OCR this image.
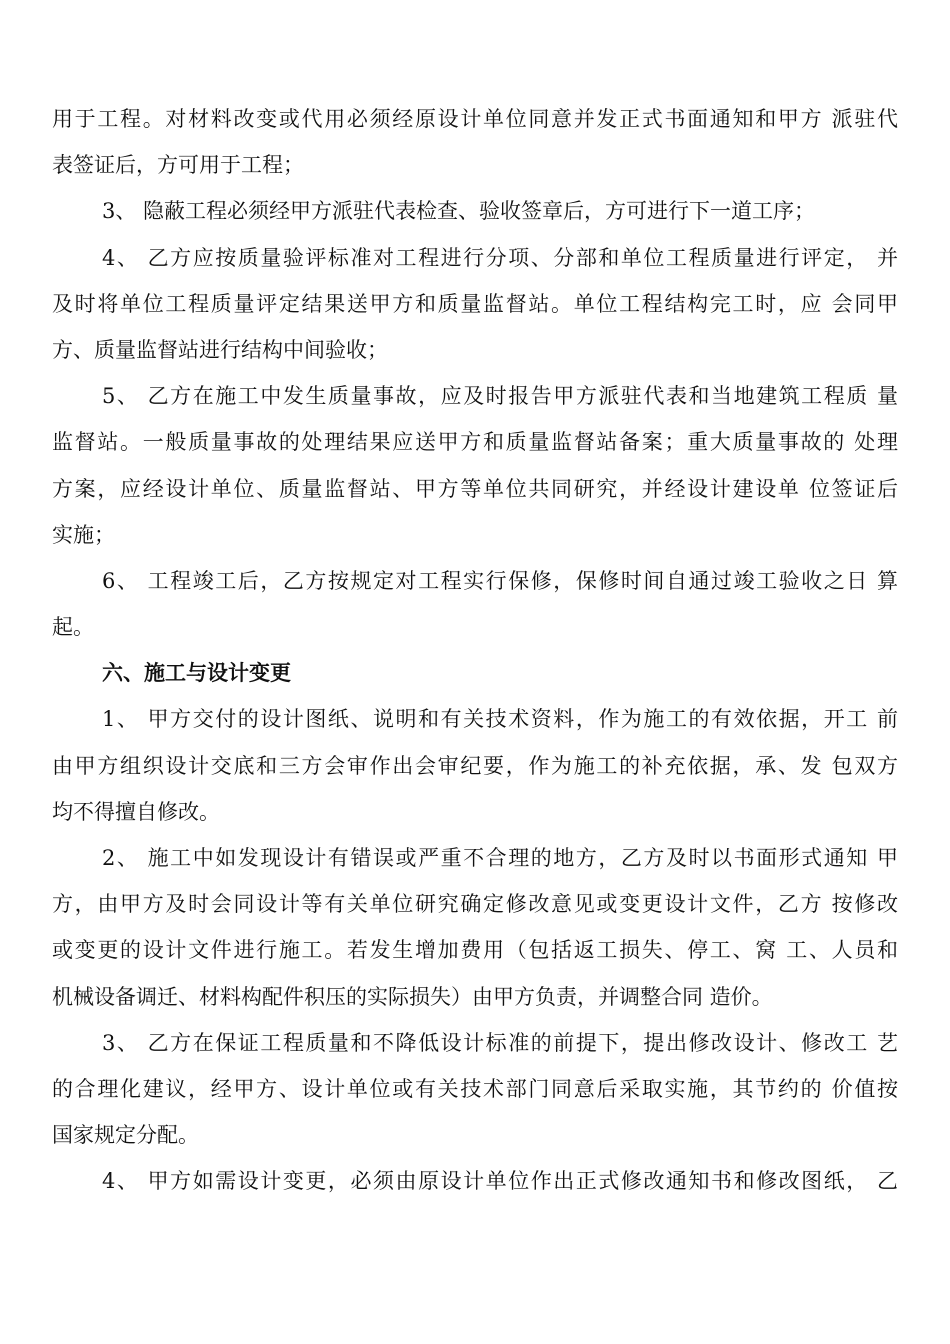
用于工程。对材料改变或代用必须经原设计单位同意并发正式书面通知和甲方 派驻代
表签证后，方可用于工程；
3、 隐蔽工程必须经甲方派驻代表检查、验收签章后，方可进行下一道工序；
4、 乙方应按质量验评标准对工程进行分项、分部和单位工程质量进行评定， 并
及时将单位工程质量评定结果送甲方和质量监督站。单位工程结构完工时，应 会同甲
方、质量监督站进行结构中间验收；
5、 乙方在施工中发生质量事故，应及时报告甲方派驻代表和当地建筑工程质 量
监督站。一般质量事故的处理结果应送甲方和质量监督站备案；重大质量事故的 处理
方案，应经设计单位、质量监督站、甲方等单位共同研究，并经设计建设单 位签证后
实施；
6、 工程竣工后，乙方按规定对工程实行保修，保修时间自通过竣工验收之日 算
起。
六、施工与设计变更
1、 甲方交付的设计图纸、说明和有关技术资料，作为施工的有效依据，开工 前
由甲方组织设计交底和三方会审作出会审纪要，作为施工的补充依据，承、发 包双方
均不得擅自修改。
2、 施工中如发现设计有错误或严重不合理的地方，乙方及时以书面形式通知 甲
方，由甲方及时会同设计等有关单位研究确定修改意见或变更设计文件，乙方 按修改
或变更的设计文件进行施工。若发生增加费用（包括返工损失、停工、窝 工、人员和
机械设备调迁、材料构配件积压的实际损失）由甲方负责，并调整合同 造价。
3、 乙方在保证工程质量和不降低设计标准的前提下，提出修改设计、修改工 艺
的合理化建议，经甲方、设计单位或有关技术部门同意后采取实施，其节约的 价值按
国家规定分配。
4、 甲方如需设计变更，必须由原设计单位作出正式修改通知书和修改图纸， 乙
